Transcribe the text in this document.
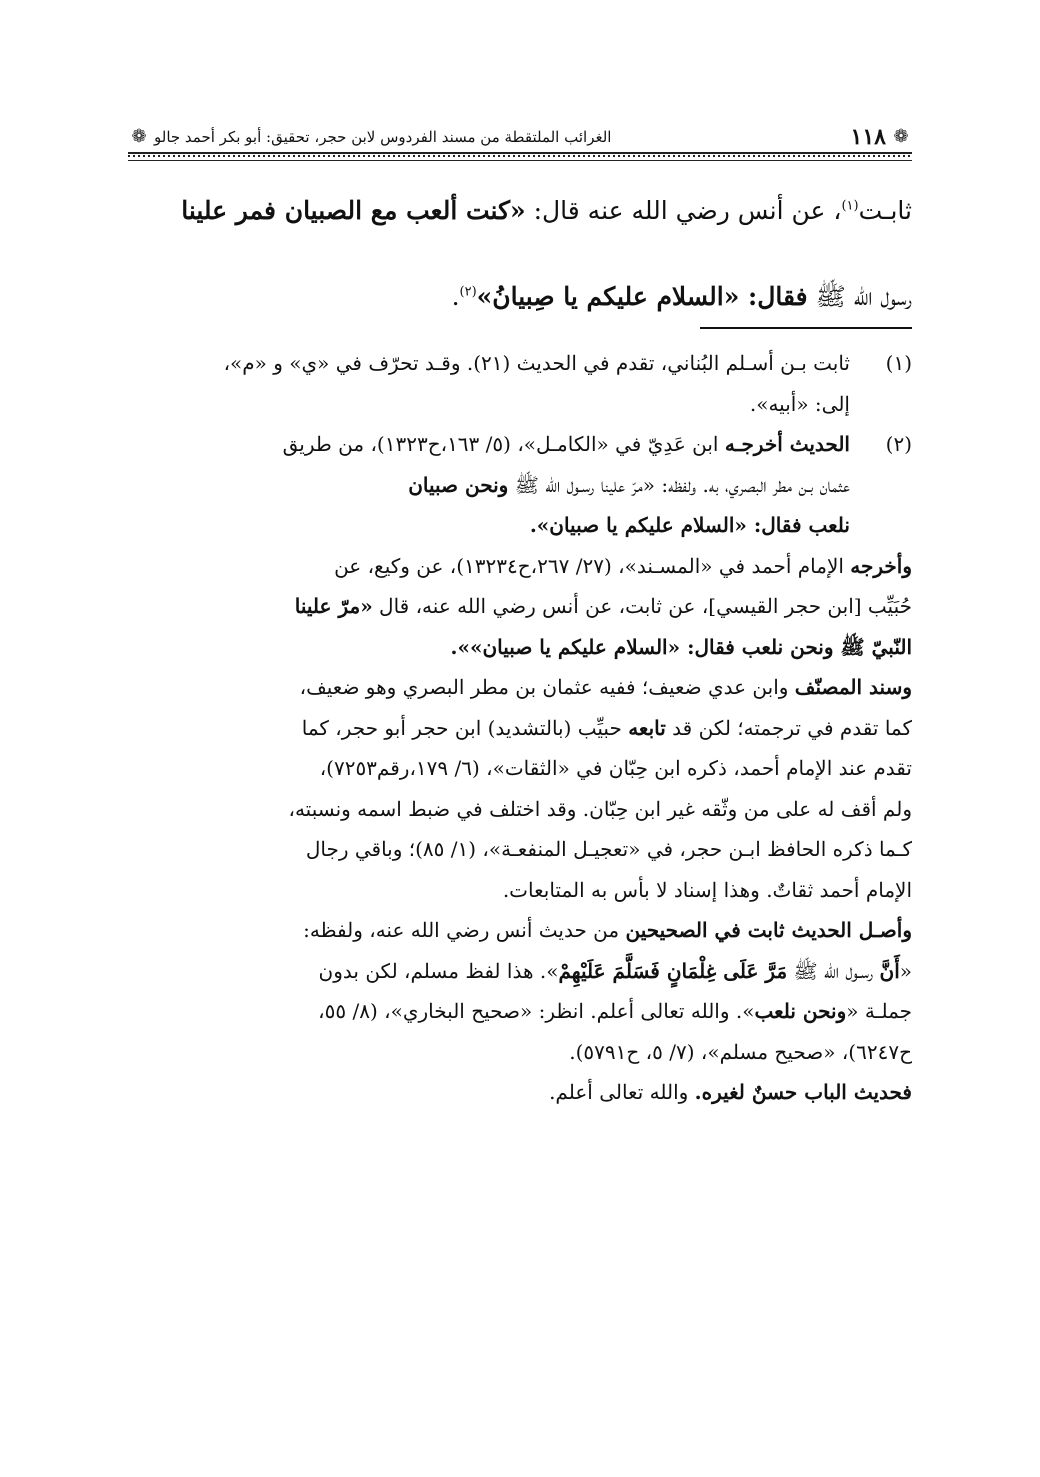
❁
١١٨
الغرائب الملتقطة من مسند الفردوس لابن حجر، تحقيق: أبو بكر أحمد جالو
❁

ثابـت$^{(١)}$، عن أنس رضي الله عنه قال: «كنت ألعب مع الصبيان فمر علينا

رسول الله ﷺ فقال: «السلام عليكم يا صِبيانُ»$^{(٢)}$.

(١)
ثابت بـن أسـلم البُناني، تقدم في الحديث (٢١). وقـد تحرّف في «ي» و «م»،
إلى: «أبيه».
(٢)
الحديث أخرجـه ابن عَدِيّ في «الكامـل»، (٥/ ١٦٣،ح١٣٢٣)، من طريق
عثمان بـن مطر البصري، به. ولفظه: «مرّ علينا رسـول الله ﷺ ونحن صبيان
نلعب فقال: «السلام عليكم يا صبيان».
وأخرجه الإمام أحمد في «المسـند»، (٢٧/ ٢٦٧،ح١٣٢٣٤)، عن وكيع، عن
حُبَيِّب [ابن حجر القيسي]، عن ثابت، عن أنس رضي الله عنه، قال «مرّ علينا
النّبيّ ﷺ ونحن نلعب فقال: «السلام عليكم يا صبيان»».
وسند المصنّف وابن عدي ضعيف؛ ففيه عثمان بن مطر البصري وهو ضعيف،
كما تقدم في ترجمته؛ لكن قد تابعه حبيِّب (بالتشديد) ابن حجر أبو حجر، كما
تقدم عند الإمام أحمد، ذكره ابن حِبّان في «الثقات»، (٦/ ١٧٩،رقم٧٢٥٣)،
ولم أقف له على من وثّقه غير ابن حِبّان. وقد اختلف في ضبط اسمه ونسبته،
كـما ذكره الحافظ ابـن حجر، في «تعجيـل المنفعـة»، (١/ ٨٥)؛ وباقي رجال
الإمام أحمد ثقاتٌ. وهذا إسناد لا بأس به المتابعات.
وأصـل الحديث ثابت في الصحيحين من حديث أنس رضي الله عنه، ولفظه:
«أَنَّ رسـول الله ﷺ مَرَّ عَلَى غِلْمَانٍ فَسَلَّمَ عَلَيْهِمْ». هذا لفظ مسلم، لكن بدون
جملـة «ونحن نلعب». والله تعالى أعلم. انظر: «صحيح البخاري»، (٨/ ٥٥،
ح٦٢٤٧)، «صحيح مسلم»، (٧/ ٥، ح٥٧٩١).
فحديث الباب حسنٌ لغيره. والله تعالى أعلم.
